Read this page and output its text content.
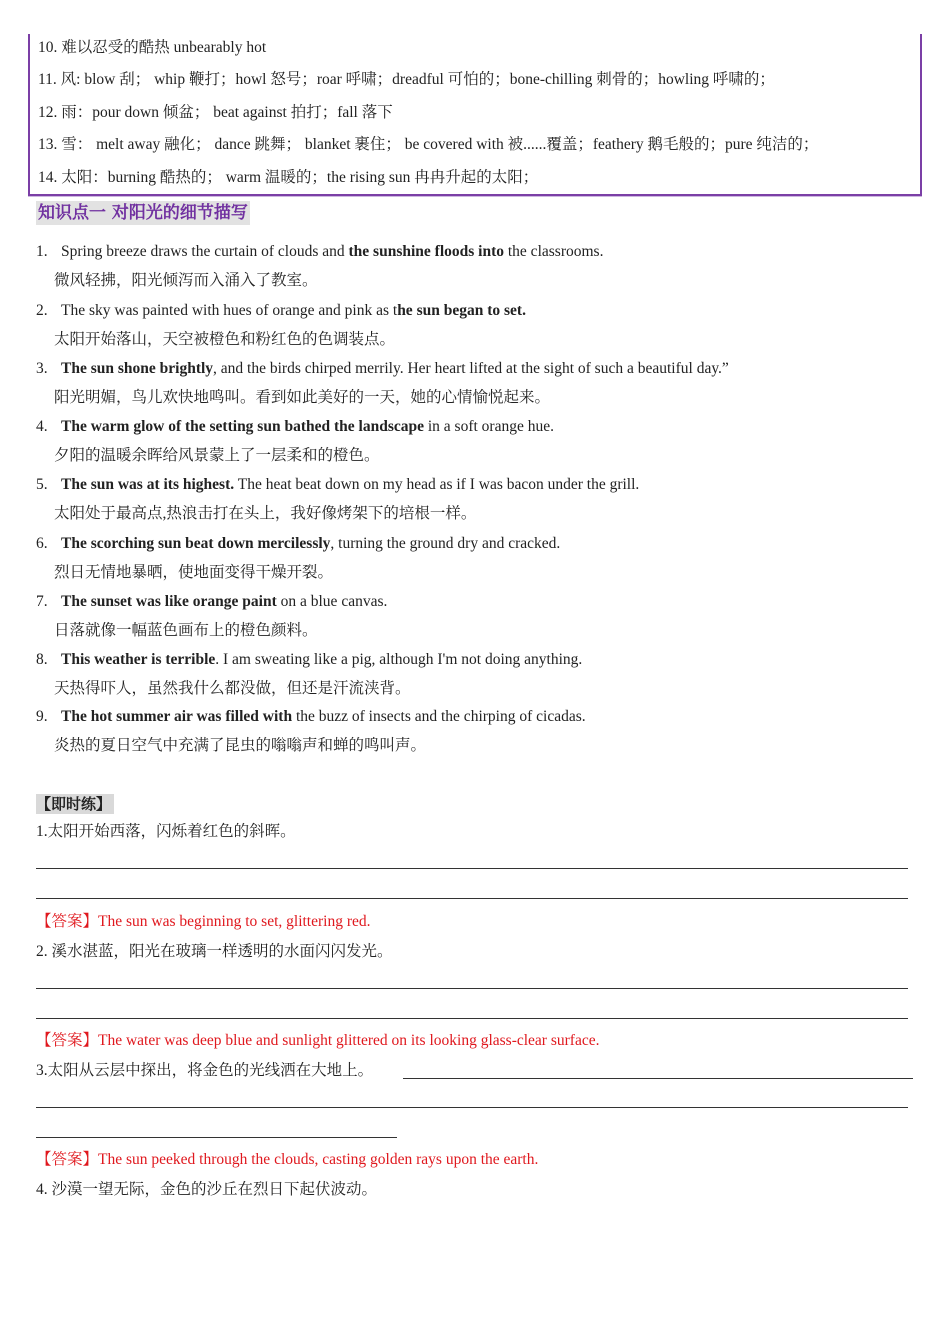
10. 难以忍受的酷热 unbearably hot
11. 风: blow 刮； whip 鞭打；howl 怒号；roar 呼啸；dreadful 可怕的；bone-chilling 刺骨的；howling 呼啸的；
12. 雨：pour down 倾盆； beat against 拍打；fall 落下
13. 雪： melt away 融化； dance 跳舞； blanket 裹住； be covered with 被......覆盖；feathery 鹅毛般的；pure 纯洁的；
14. 太阳：burning 酷热的； warm 温暖的；the rising sun 冉冉升起的太阳；
知识点一 对阳光的细节描写
1. Spring breeze draws the curtain of clouds and the sunshine floods into the classrooms.
微风轻拂，阳光倾泻而入涌入了教室。
2. The sky was painted with hues of orange and pink as the sun began to set.
太阳开始落山，天空被橙色和粉红色的色调装点。
3. The sun shone brightly, and the birds chirped merrily. Her heart lifted at the sight of such a beautiful day.”
阳光明媚，鸟儿欢快地鸣叫。看到如此美好的一天，她的心情愉悦起来。
4. The warm glow of the setting sun bathed the landscape in a soft orange hue.
夕阳的温暖余晖给风景蒙上了一层柔和的橙色。
5. The sun was at its highest. The heat beat down on my head as if I was bacon under the grill.
太阳处于最高点,热浪击打在头上，我好像烤架下的培根一样。
6. The scorching sun beat down mercilessly, turning the ground dry and cracked.
烈日无情地暴晒，使地面变得干燥开裂。
7. The sunset was like orange paint on a blue canvas.
日落就像一幅蓝色画布上的橙色颜料。
8. This weather is terrible. I am sweating like a pig, although I'm not doing anything.
天热得吓人，虽然我什么都没做，但还是汗流浃背。
9. The hot summer air was filled with the buzz of insects and the chirping of cicadas.
炎热的夏日空气中充满了昆虫的嗡嗡声和蝉的鸣叫声。
【即时练】
1.太阳开始西落，闪烁着红色的斜晖。
【答案】The sun was beginning to set, glittering red.
2. 溪水湛蓝，阳光在玻璃一样透明的水面闪闪发光。
【答案】The water was deep blue and sunlight glittered on its looking glass-clear surface.
3.太阳从云层中探出，将金色的光线洒在大地上。
【答案】The sun peeked through the clouds, casting golden rays upon the earth.
4. 沙漠一望无际，金色的沙丘在烈日下起伏波动。
